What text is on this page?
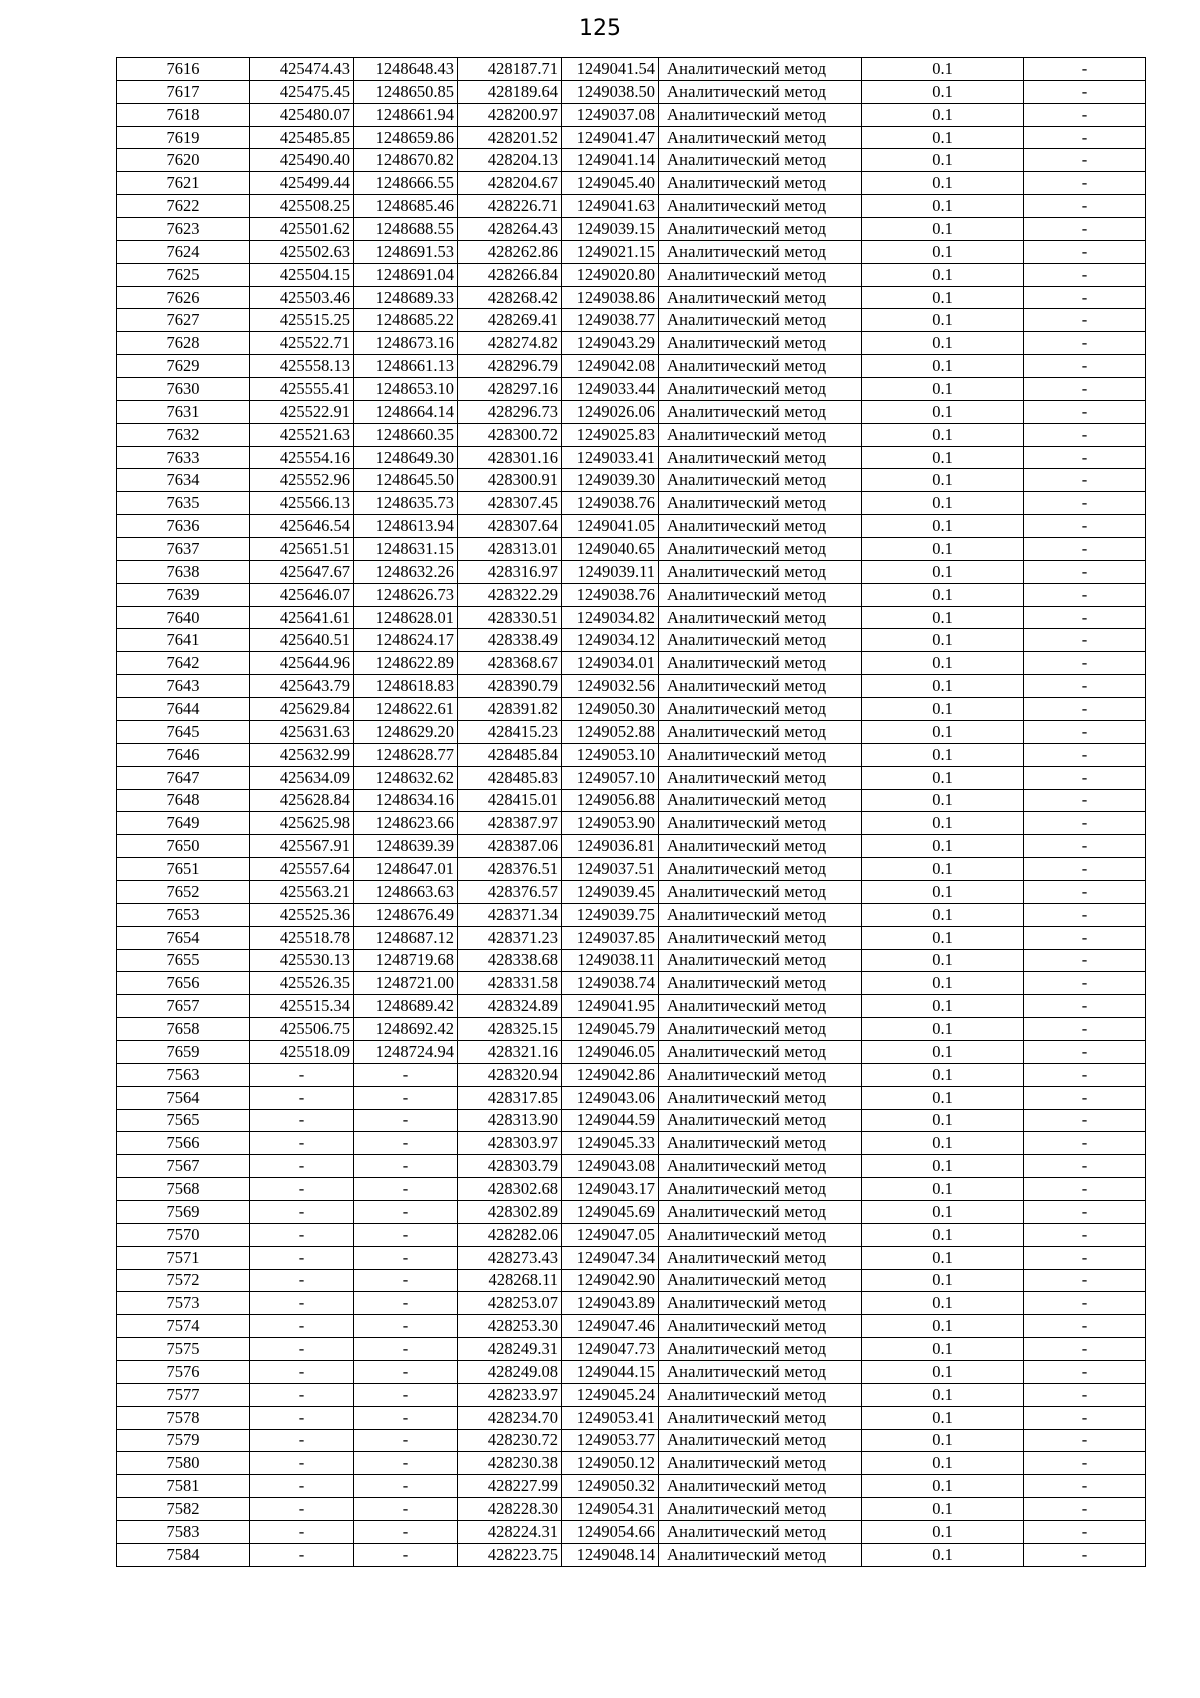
125
7616	425474.43	1248648.43	428187.71	1249041.54	Аналитический метод	0.1	-
7617	425475.45	1248650.85	428189.64	1249038.50	Аналитический метод	0.1	-
7618	425480.07	1248661.94	428200.97	1249037.08	Аналитический метод	0.1	-
7619	425485.85	1248659.86	428201.52	1249041.47	Аналитический метод	0.1	-
7620	425490.40	1248670.82	428204.13	1249041.14	Аналитический метод	0.1	-
7621	425499.44	1248666.55	428204.67	1249045.40	Аналитический метод	0.1	-
7622	425508.25	1248685.46	428226.71	1249041.63	Аналитический метод	0.1	-
7623	425501.62	1248688.55	428264.43	1249039.15	Аналитический метод	0.1	-
7624	425502.63	1248691.53	428262.86	1249021.15	Аналитический метод	0.1	-
7625	425504.15	1248691.04	428266.84	1249020.80	Аналитический метод	0.1	-
7626	425503.46	1248689.33	428268.42	1249038.86	Аналитический метод	0.1	-
7627	425515.25	1248685.22	428269.41	1249038.77	Аналитический метод	0.1	-
7628	425522.71	1248673.16	428274.82	1249043.29	Аналитический метод	0.1	-
7629	425558.13	1248661.13	428296.79	1249042.08	Аналитический метод	0.1	-
7630	425555.41	1248653.10	428297.16	1249033.44	Аналитический метод	0.1	-
7631	425522.91	1248664.14	428296.73	1249026.06	Аналитический метод	0.1	-
7632	425521.63	1248660.35	428300.72	1249025.83	Аналитический метод	0.1	-
7633	425554.16	1248649.30	428301.16	1249033.41	Аналитический метод	0.1	-
7634	425552.96	1248645.50	428300.91	1249039.30	Аналитический метод	0.1	-
7635	425566.13	1248635.73	428307.45	1249038.76	Аналитический метод	0.1	-
7636	425646.54	1248613.94	428307.64	1249041.05	Аналитический метод	0.1	-
7637	425651.51	1248631.15	428313.01	1249040.65	Аналитический метод	0.1	-
7638	425647.67	1248632.26	428316.97	1249039.11	Аналитический метод	0.1	-
7639	425646.07	1248626.73	428322.29	1249038.76	Аналитический метод	0.1	-
7640	425641.61	1248628.01	428330.51	1249034.82	Аналитический метод	0.1	-
7641	425640.51	1248624.17	428338.49	1249034.12	Аналитический метод	0.1	-
7642	425644.96	1248622.89	428368.67	1249034.01	Аналитический метод	0.1	-
7643	425643.79	1248618.83	428390.79	1249032.56	Аналитический метод	0.1	-
7644	425629.84	1248622.61	428391.82	1249050.30	Аналитический метод	0.1	-
7645	425631.63	1248629.20	428415.23	1249052.88	Аналитический метод	0.1	-
7646	425632.99	1248628.77	428485.84	1249053.10	Аналитический метод	0.1	-
7647	425634.09	1248632.62	428485.83	1249057.10	Аналитический метод	0.1	-
7648	425628.84	1248634.16	428415.01	1249056.88	Аналитический метод	0.1	-
7649	425625.98	1248623.66	428387.97	1249053.90	Аналитический метод	0.1	-
7650	425567.91	1248639.39	428387.06	1249036.81	Аналитический метод	0.1	-
7651	425557.64	1248647.01	428376.51	1249037.51	Аналитический метод	0.1	-
7652	425563.21	1248663.63	428376.57	1249039.45	Аналитический метод	0.1	-
7653	425525.36	1248676.49	428371.34	1249039.75	Аналитический метод	0.1	-
7654	425518.78	1248687.12	428371.23	1249037.85	Аналитический метод	0.1	-
7655	425530.13	1248719.68	428338.68	1249038.11	Аналитический метод	0.1	-
7656	425526.35	1248721.00	428331.58	1249038.74	Аналитический метод	0.1	-
7657	425515.34	1248689.42	428324.89	1249041.95	Аналитический метод	0.1	-
7658	425506.75	1248692.42	428325.15	1249045.79	Аналитический метод	0.1	-
7659	425518.09	1248724.94	428321.16	1249046.05	Аналитический метод	0.1	-
7563	-	-	428320.94	1249042.86	Аналитический метод	0.1	-
7564	-	-	428317.85	1249043.06	Аналитический метод	0.1	-
7565	-	-	428313.90	1249044.59	Аналитический метод	0.1	-
7566	-	-	428303.97	1249045.33	Аналитический метод	0.1	-
7567	-	-	428303.79	1249043.08	Аналитический метод	0.1	-
7568	-	-	428302.68	1249043.17	Аналитический метод	0.1	-
7569	-	-	428302.89	1249045.69	Аналитический метод	0.1	-
7570	-	-	428282.06	1249047.05	Аналитический метод	0.1	-
7571	-	-	428273.43	1249047.34	Аналитический метод	0.1	-
7572	-	-	428268.11	1249042.90	Аналитический метод	0.1	-
7573	-	-	428253.07	1249043.89	Аналитический метод	0.1	-
7574	-	-	428253.30	1249047.46	Аналитический метод	0.1	-
7575	-	-	428249.31	1249047.73	Аналитический метод	0.1	-
7576	-	-	428249.08	1249044.15	Аналитический метод	0.1	-
7577	-	-	428233.97	1249045.24	Аналитический метод	0.1	-
7578	-	-	428234.70	1249053.41	Аналитический метод	0.1	-
7579	-	-	428230.72	1249053.77	Аналитический метод	0.1	-
7580	-	-	428230.38	1249050.12	Аналитический метод	0.1	-
7581	-	-	428227.99	1249050.32	Аналитический метод	0.1	-
7582	-	-	428228.30	1249054.31	Аналитический метод	0.1	-
7583	-	-	428224.31	1249054.66	Аналитический метод	0.1	-
7584	-	-	428223.75	1249048.14	Аналитический метод	0.1	-
